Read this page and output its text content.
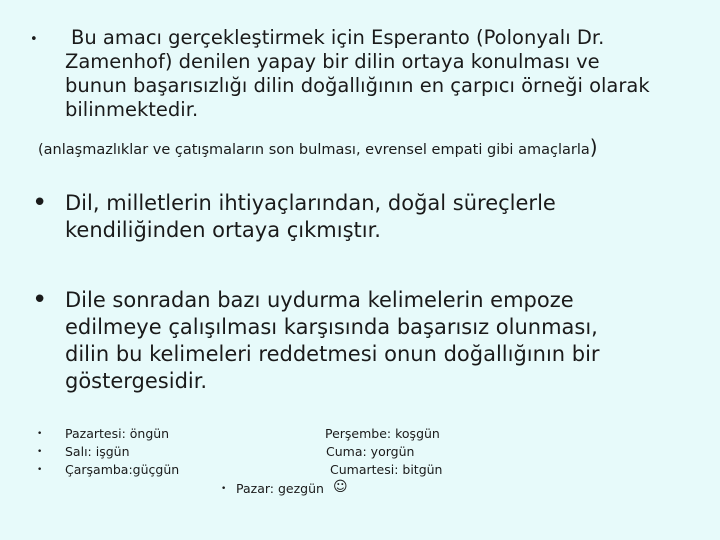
•	Bu amacı gerçekleştirmek için Esperanto (Polonyalı Dr.
Zamenhof) denilen yapay bir dilin ortaya konulması ve
bunun başarısızlığı dilin doğallığının en çarpıcı örneği olarak
bilinmektedir.
(anlaşmazlıklar ve çatışmaların son bulması, evrensel empati gibi amaçlarla)
• Dil, milletlerin ihtiyaçlarından, doğal süreçlerle
kendiliğinden ortaya çıkmıştır.
• Dile sonradan bazı uydurma kelimelerin empoze
edilmeye çalışılması karşısında başarısız olunması,
dilin bu kelimeleri reddetmesi onun doğallığının bir
göstergesidir.
• Pazartesi: öngün
• Salı: işgün
• Çarşamba:güçgün
Perşembe: koşgün
Cuma: yorgün
Cumartesi: bitgün
• Pazar: gezgün ☺
